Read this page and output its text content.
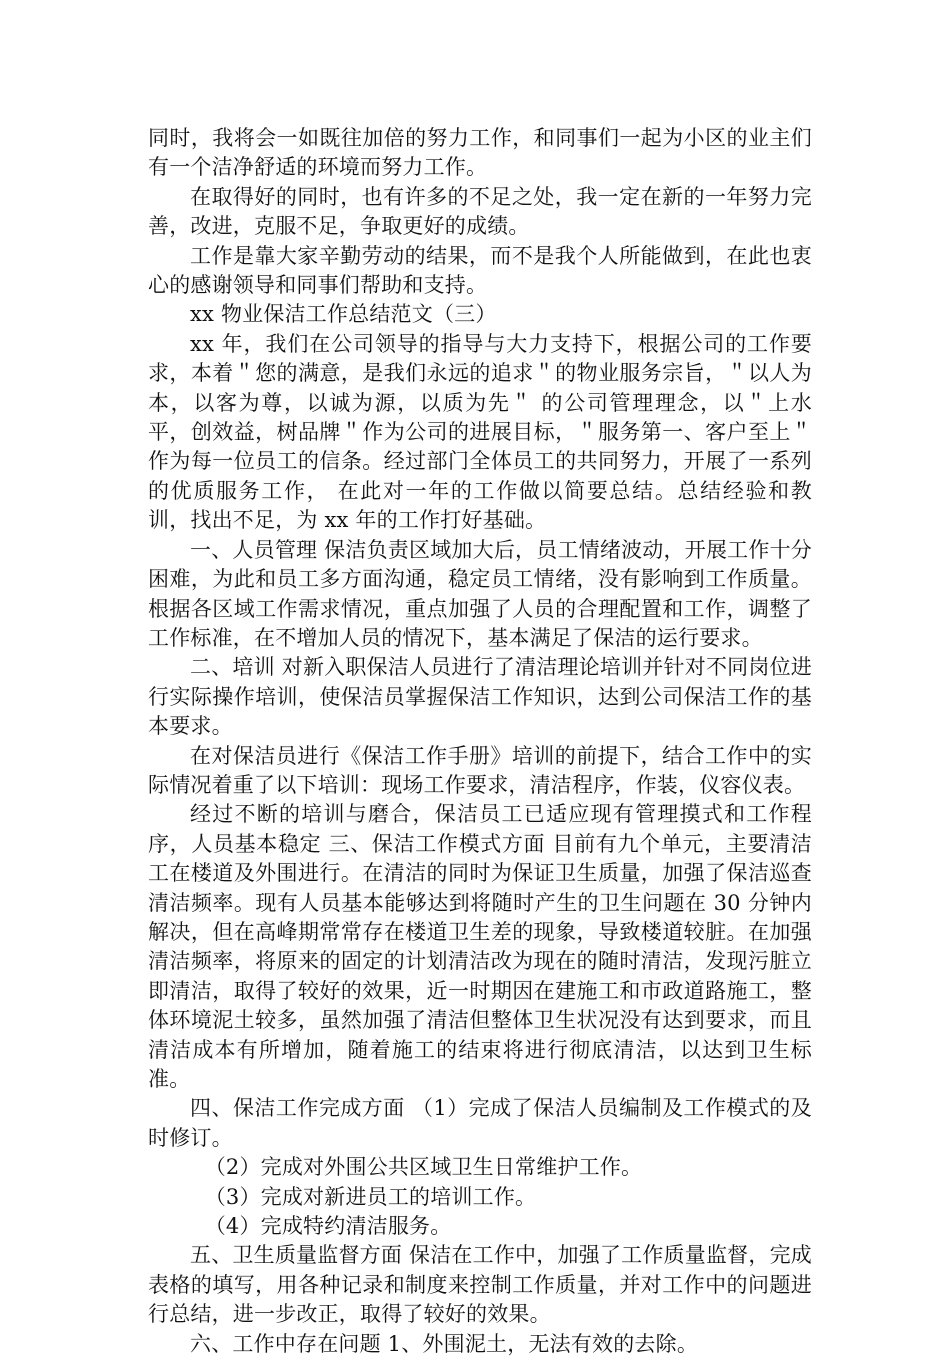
同时，我将会一如既往加倍的努力工作，和同事们一起为小区的业主们有一个洁净舒适的环境而努力工作。

在取得好的同时，也有许多的不足之处，我一定在新的一年努力完善，改进，克服不足，争取更好的成绩。

工作是靠大家辛勤劳动的结果，而不是我个人所能做到，在此也衷心的感谢领导和同事们帮助和支持。

xx 物业保洁工作总结范文（三）

xx 年，我们在公司领导的指导与大力支持下，根据公司的工作要求，本着＂您的满意，是我们永远的追求＂的物业服务宗旨，＂以人为本，以客为尊，以诚为源，以质为先＂ 的公司管理理念，以＂上水平，创效益，树品牌＂作为公司的进展目标，＂服务第一、客户至上＂作为每一位员工的信条。经过部门全体员工的共同努力，开展了一系列的优质服务工作， 在此对一年的工作做以简要总结。总结经验和教训，找出不足，为 xx 年的工作打好基础。

一、人员管理 保洁负责区域加大后，员工情绪波动，开展工作十分困难，为此和员工多方面沟通，稳定员工情绪，没有影响到工作质量。根据各区域工作需求情况，重点加强了人员的合理配置和工作，调整了工作标准，在不增加人员的情况下，基本满足了保洁的运行要求。

二、培训 对新入职保洁人员进行了清洁理论培训并针对不同岗位进行实际操作培训，使保洁员掌握保洁工作知识，达到公司保洁工作的基本要求。

在对保洁员进行《保洁工作手册》培训的前提下，结合工作中的实际情况着重了以下培训：现场工作要求，清洁程序，作装，仪容仪表。

经过不断的培训与磨合，保洁员工已适应现有管理摸式和工作程序，人员基本稳定 三、保洁工作模式方面 目前有九个单元，主要清洁工在楼道及外围进行。在清洁的同时为保证卫生质量，加强了保洁巡查清洁频率。现有人员基本能够达到将随时产生的卫生问题在 30 分钟内解决，但在高峰期常常存在楼道卫生差的现象，导致楼道较脏。在加强清洁频率，将原来的固定的计划清洁改为现在的随时清洁，发现污脏立即清洁，取得了较好的效果，近一时期因在建施工和市政道路施工，整体环境泥土较多，虽然加强了清洁但整体卫生状况没有达到要求，而且清洁成本有所增加，随着施工的结束将进行彻底清洁，以达到卫生标准。

四、保洁工作完成方面 （1）完成了保洁人员编制及工作模式的及时修订。

（2）完成对外围公共区域卫生日常维护工作。

（3）完成对新进员工的培训工作。

（4）完成特约清洁服务。

五、卫生质量监督方面 保洁在工作中，加强了工作质量监督，完成表格的填写，用各种记录和制度来控制工作质量，并对工作中的问题进行总结，进一步改正，取得了较好的效果。

六、工作中存在问题 1、外围泥土，无法有效的去除。
